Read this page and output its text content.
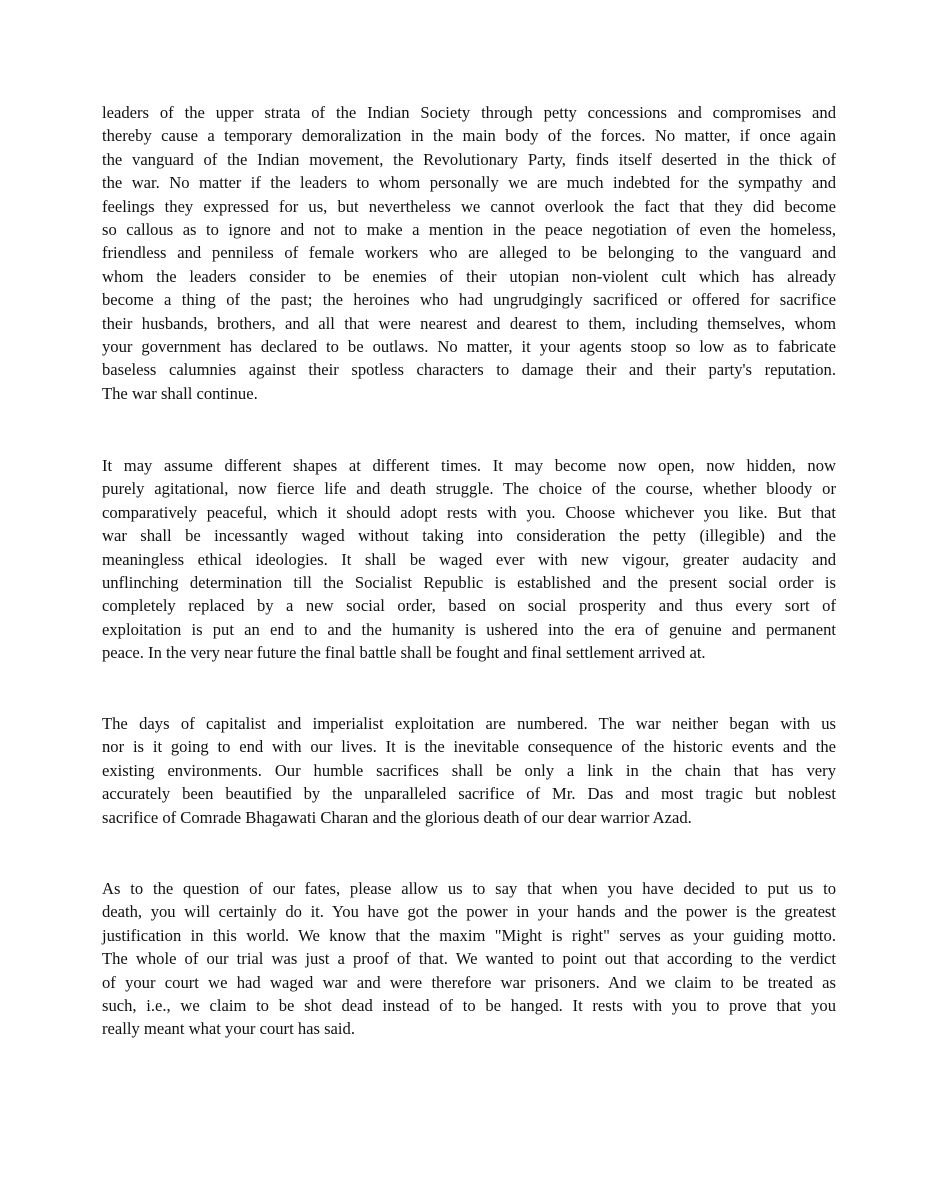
leaders of the upper strata of the Indian Society through petty concessions and compromises and
thereby cause a temporary demoralization in the main body of the forces. No matter, if once again
the vanguard of the Indian movement, the Revolutionary Party, finds itself deserted in the thick of
the war. No matter if the leaders to whom personally we are much indebted for the sympathy and
feelings they expressed for us, but nevertheless we cannot overlook the fact that they did become
so callous as to ignore and not to make a mention in the peace negotiation of even the homeless,
friendless and penniless of female workers who are alleged to be belonging to the vanguard and
whom the leaders consider to be enemies of their utopian non-violent cult which has already
become a thing of the past; the heroines who had ungrudgingly sacrificed or offered for sacrifice
their husbands, brothers, and all that were nearest and dearest to them, including themselves, whom
your government has declared to be outlaws. No matter, it your agents stoop so low as to fabricate
baseless calumnies against their spotless characters to damage their and their party's reputation.
The war shall continue.
It may assume different shapes at different times. It may become now open, now hidden, now
purely agitational, now fierce life and death struggle. The choice of the course, whether bloody or
comparatively peaceful, which it should adopt rests with you. Choose whichever you like. But that
war shall be incessantly waged without taking into consideration the petty (illegible) and the
meaningless ethical ideologies. It shall be waged ever with new vigour, greater audacity and
unflinching determination till the Socialist Republic is established and the present social order is
completely replaced by a new social order, based on social prosperity and thus every sort of
exploitation is put an end to and the humanity is ushered into the era of genuine and permanent
peace. In the very near future the final battle shall be fought and final settlement arrived at.
The days of capitalist and imperialist exploitation are numbered. The war neither began with us
nor is it going to end with our lives. It is the inevitable consequence of the historic events and the
existing environments. Our humble sacrifices shall be only a link in the chain that has very
accurately been beautified by the unparalleled sacrifice of Mr. Das and most tragic but noblest
sacrifice of Comrade Bhagawati Charan and the glorious death of our dear warrior Azad.
As to the question of our fates, please allow us to say that when you have decided to put us to
death, you will certainly do it. You have got the power in your hands and the power is the greatest
justification in this world. We know that the maxim "Might is right" serves as your guiding motto.
The whole of our trial was just a proof of that. We wanted to point out that according to the verdict
of your court we had waged war and were therefore war prisoners. And we claim to be treated as
such, i.e., we claim to be shot dead instead of to be hanged. It rests with you to prove that you
really meant what your court has said.
